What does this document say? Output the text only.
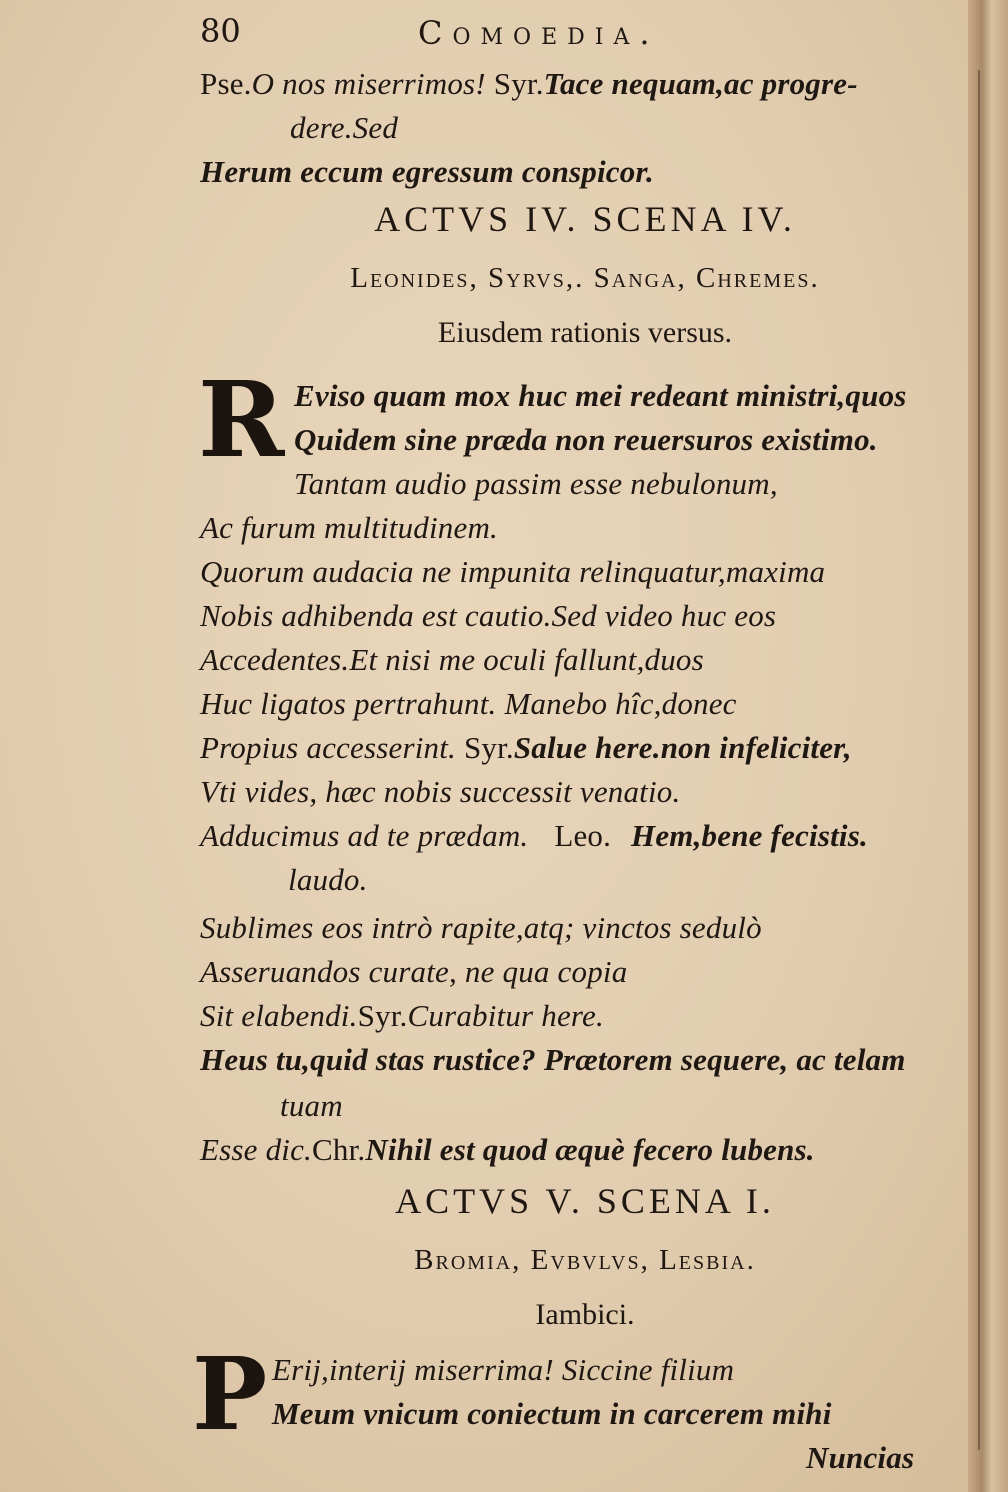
80	Comoedia.
Pse.O nos miserrimos! Syr.Tace nequam,ac progre-
dere.Sed
Herum eccum egressum conspicor.
ACTVS IV. SCENA IV.
Leonides, Syrvs,. Sanga, Chremes.
Eiusdem rationis versus.
R Eviso quam mox huc mei redeant ministri,quos
Quidem sine præda non reuersuros existimo.
Tantam audio passim esse nebulonum,
Ac furum multitudinem.
Quorum audacia ne impunita relinquatur,maxima
Nobis adhibenda est cautio.Sed video huc eos
Accedentes.Et nisi me oculi fallunt,duos
Huc ligatos pertrahunt. Manebo hîc,donec
Propius accesserint. Syr.Salue here.non infeliciter,
Vti vides, hæc nobis successit venatio.
Adducimus ad te prædam. Leo. Hem,bene fecistis.
laudo.
Sublimes eos intrò rapite,atq; vinctos sedulò
Asseruandos curate, ne qua copia
Sit elabendi.Syr.Curabitur here.
Heus tu,quid stas rustice? Prætorem sequere, ac telam
tuam
Esse dic.Chr.Nihil est quod æquè fecero lubens.
ACTVS V. SCENA I.
Bromia, Evbvlvs, Lesbia.
Iambici.
P Erij,interij miserrima! Siccine filium
Meum vnicum coniectum in carcerem mihi
Nuncias
